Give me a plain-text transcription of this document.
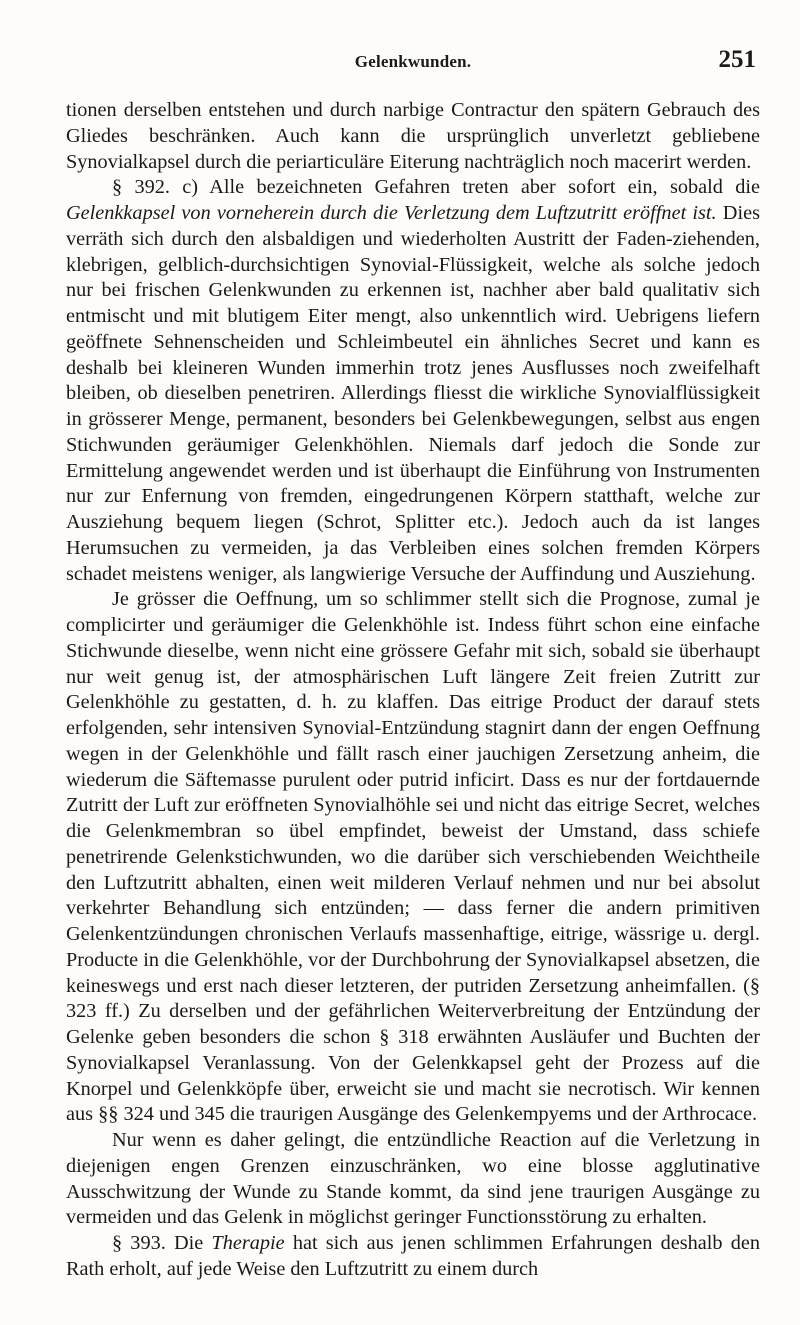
Gelenkwunden.	251

tionen derselben entstehen und durch narbige Contractur den spätern Gebrauch des Gliedes beschränken. Auch kann die ursprünglich unverletzt gebliebene Synovialkapsel durch die periarticuläre Eiterung nachträglich noch macerirt werden.

§ 392. c) Alle bezeichneten Gefahren treten aber sofort ein, sobald die Gelenkkapsel von vorneherein durch die Verletzung dem Luftzutritt eröffnet ist. Dies verräth sich durch den alsbaldigen und wiederholten Austritt der Faden-ziehenden, klebrigen, gelblich-durchsichtigen Synovial-Flüssigkeit, welche als solche jedoch nur bei frischen Gelenkwunden zu erkennen ist, nachher aber bald qualitativ sich entmischt und mit blutigem Eiter mengt, also unkenntlich wird. Uebrigens liefern geöffnete Sehnenscheiden und Schleimbeutel ein ähnliches Secret und kann es deshalb bei kleineren Wunden immerhin trotz jenes Ausflusses noch zweifelhaft bleiben, ob dieselben penetriren. Allerdings fliesst die wirkliche Synovialflüssigkeit in grösserer Menge, permanent, besonders bei Gelenkbewegungen, selbst aus engen Stichwunden geräumiger Gelenkhöhlen. Niemals darf jedoch die Sonde zur Ermittelung angewendet werden und ist überhaupt die Einführung von Instrumenten nur zur Enfernung von fremden, eingedrungenen Körpern statthaft, welche zur Ausziehung bequem liegen (Schrot, Splitter etc.). Jedoch auch da ist langes Herumsuchen zu vermeiden, ja das Verbleiben eines solchen fremden Körpers schadet meistens weniger, als langwierige Versuche der Auffindung und Ausziehung.

Je grösser die Oeffnung, um so schlimmer stellt sich die Prognose, zumal je complicirter und geräumiger die Gelenkhöhle ist. Indess führt schon eine einfache Stichwunde dieselbe, wenn nicht eine grössere Gefahr mit sich, sobald sie überhaupt nur weit genug ist, der atmosphärischen Luft längere Zeit freien Zutritt zur Gelenkhöhle zu gestatten, d. h. zu klaffen. Das eitrige Product der darauf stets erfolgenden, sehr intensiven Synovial-Entzündung stagnirt dann der engen Oeffnung wegen in der Gelenkhöhle und fällt rasch einer jauchigen Zersetzung anheim, die wiederum die Säftemasse purulent oder putrid inficirt. Dass es nur der fortdauernde Zutritt der Luft zur eröffneten Synovialhöhle sei und nicht das eitrige Secret, welches die Gelenkmembran so übel empfindet, beweist der Umstand, dass schiefe penetrirende Gelenkstichwunden, wo die darüber sich verschiebenden Weichtheile den Luftzutritt abhalten, einen weit milderen Verlauf nehmen und nur bei absolut verkehrter Behandlung sich entzünden; — dass ferner die andern primitiven Gelenkentzündungen chronischen Verlaufs massenhaftige, eitrige, wässrige u. dergl. Producte in die Gelenkhöhle, vor der Durchbohrung der Synovialkapsel absetzen, die keineswegs und erst nach dieser letzteren, der putriden Zersetzung anheimfallen. (§ 323 ff.) Zu derselben und der gefährlichen Weiterverbreitung der Entzündung der Gelenke geben besonders die schon § 318 erwähnten Ausläufer und Buchten der Synovialkapsel Veranlassung. Von der Gelenkkapsel geht der Prozess auf die Knorpel und Gelenkköpfe über, erweicht sie und macht sie necrotisch. Wir kennen aus §§ 324 und 345 die traurigen Ausgänge des Gelenkempyems und der Arthrocace.

Nur wenn es daher gelingt, die entzündliche Reaction auf die Verletzung in diejenigen engen Grenzen einzuschränken, wo eine blosse agglutinative Ausschwitzung der Wunde zu Stande kommt, da sind jene traurigen Ausgänge zu vermeiden und das Gelenk in möglichst geringer Functionsstörung zu erhalten.

§ 393. Die Therapie hat sich aus jenen schlimmen Erfahrungen deshalb den Rath erholt, auf jede Weise den Luftzutritt zu einem durch
